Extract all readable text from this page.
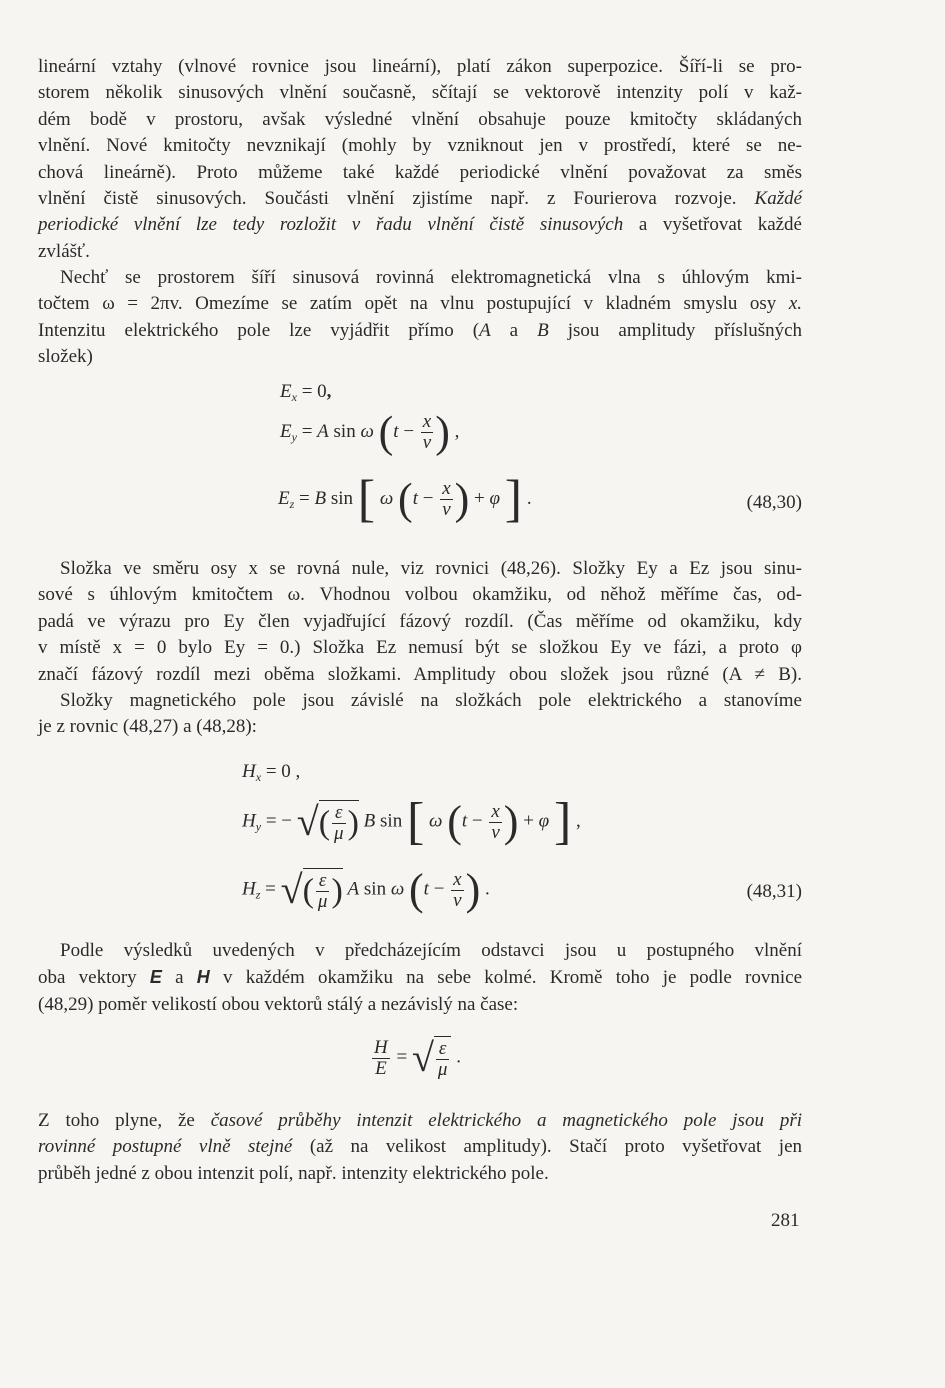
lineární vztahy (vlnové rovnice jsou lineární), platí zákon superpozice. Šíří-li se pro-
storem několik sinusových vlnění současně, sčítají se vektorově intenzity polí v kaž-
dém bodě v prostoru, avšak výsledné vlnění obsahuje pouze kmitočty skládaných
vlnění. Nové kmitočty nevznikají (mohly by vzniknout jen v prostředí, které se ne-
chová lineárně). Proto můžeme také každé periodické vlnění považovat za směs
vlnění čistě sinusových. Součásti vlnění zjistíme např. z Fourierova rozvoje. Každé
periodické vlnění lze tedy rozložit v řadu vlnění čistě sinusových a vyšetřovat každé
zvlášť.
Nechť se prostorem šíří sinusová rovinná elektromagnetická vlna s úhlovým kmi-
točtem ω = 2πv. Omezíme se zatím opět na vlnu postupující v kladném smyslu osy x.
Intenzitu elektrického pole lze vyjádřit přímo (A a B jsou amplitudy příslušných
složek)
$E_x = 0$,
$E_y = A$ sin ω ($t - \frac{x}{v}$ ) ,
$E_z = B$ sin [ ω ($t - \frac{x}{v}$ ) + φ ] .	(48,30)
Složka ve směru osy x se rovná nule, viz rovnici (48,26). Složky Ey a Ez jsou sinu-
sové s úhlovým kmitočtem ω. Vhodnou volbou okamžiku, od něhož měříme čas, od-
padá ve výrazu pro Ey člen vyjadřující fázový rozdíl. (Čas měříme od okamžiku, kdy
v místě x = 0 bylo Ey = 0.) Složka Ez nemusí být se složkou Ey ve fázi, a proto φ
značí fázový rozdíl mezi oběma složkami. Amplitudy obou složek jsou různé (A ≠ B).
Složky magnetického pole jsou závislé na složkách pole elektrického a stanovíme
je z rovnic (48,27) a (48,28):
$H_x = 0$ ,
$H_y$ = − √( $\frac{\varepsilon}{\mu}$ ) B sin [ ω ($t - \frac{x}{v}$ ) + φ ] ,
$H_z$ = √( $\frac{\varepsilon}{\mu}$ ) A sin ω ($t - \frac{x}{v}$ ) .	(48,31)
Podle výsledků uvedených v předcházejícím odstavci jsou u postupného vlnění
oba vektory E a H v každém okamžiku na sebe kolmé. Kromě toho je podle rovnice
(48,29) poměr velikostí obou vektorů stálý a nezávislý na čase:
$\frac{H}{E}$ = √ $\frac{\varepsilon}{\mu}$ .
Z toho plyne, že časové průběhy intenzit elektrického a magnetického pole jsou při
rovinné postupné vlně stejné (až na velikost amplitudy). Stačí proto vyšetřovat jen
průběh jedné z obou intenzit polí, např. intenzity elektrického pole.
281
